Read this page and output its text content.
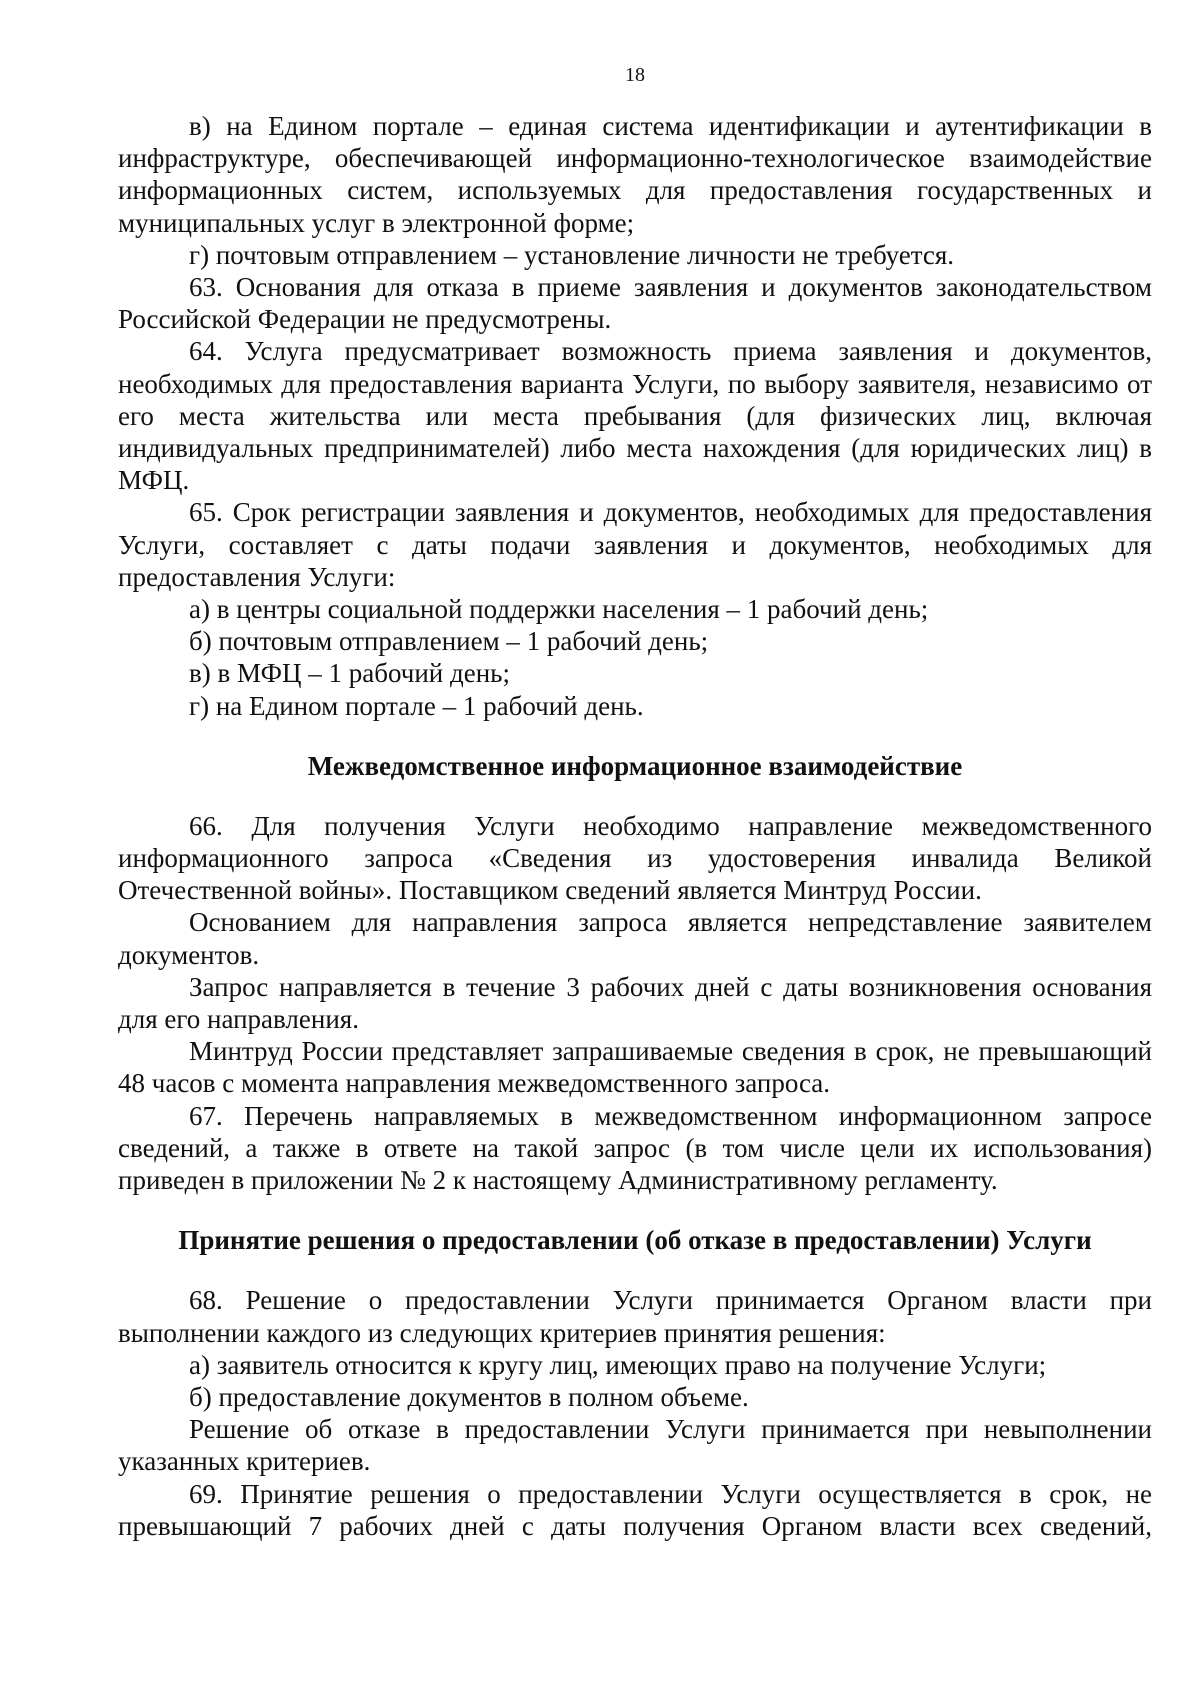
18

в) на Едином портале – единая система идентификации и аутентификации в инфраструктуре, обеспечивающей информационно-технологическое взаимодействие информационных систем, используемых для предоставления государственных и муниципальных услуг в электронной форме;

г) почтовым отправлением – установление личности не требуется.

63. Основания для отказа в приеме заявления и документов законодательством Российской Федерации не предусмотрены.

64. Услуга предусматривает возможность приема заявления и документов, необходимых для предоставления варианта Услуги, по выбору заявителя, независимо от его места жительства или места пребывания (для физических лиц, включая индивидуальных предпринимателей) либо места нахождения (для юридических лиц) в МФЦ.

65. Срок регистрации заявления и документов, необходимых для предоставления Услуги, составляет с даты подачи заявления и документов, необходимых для предоставления Услуги:

а) в центры социальной поддержки населения – 1 рабочий день;

б) почтовым отправлением – 1 рабочий день;

в) в МФЦ – 1 рабочий день;

г) на Едином портале – 1 рабочий день.

Межведомственное информационное взаимодействие

66. Для получения Услуги необходимо направление межведомственного информационного запроса «Сведения из удостоверения инвалида Великой Отечественной войны». Поставщиком сведений является Минтруд России.

Основанием для направления запроса является непредставление заявителем документов.

Запрос направляется в течение 3 рабочих дней с даты возникновения основания для его направления.

Минтруд России представляет запрашиваемые сведения в срок, не превышающий 48 часов с момента направления межведомственного запроса.

67. Перечень направляемых в межведомственном информационном запросе сведений, а также в ответе на такой запрос (в том числе цели их использования) приведен в приложении № 2 к настоящему Административному регламенту.

Принятие решения о предоставлении (об отказе в предоставлении) Услуги

68. Решение о предоставлении Услуги принимается Органом власти при выполнении каждого из следующих критериев принятия решения:

а) заявитель относится к кругу лиц, имеющих право на получение Услуги;

б) предоставление документов в полном объеме.

Решение об отказе в предоставлении Услуги принимается при невыполнении указанных критериев.

69. Принятие решения о предоставлении Услуги осуществляется в срок, не превышающий 7 рабочих дней с даты получения Органом власти всех сведений,
